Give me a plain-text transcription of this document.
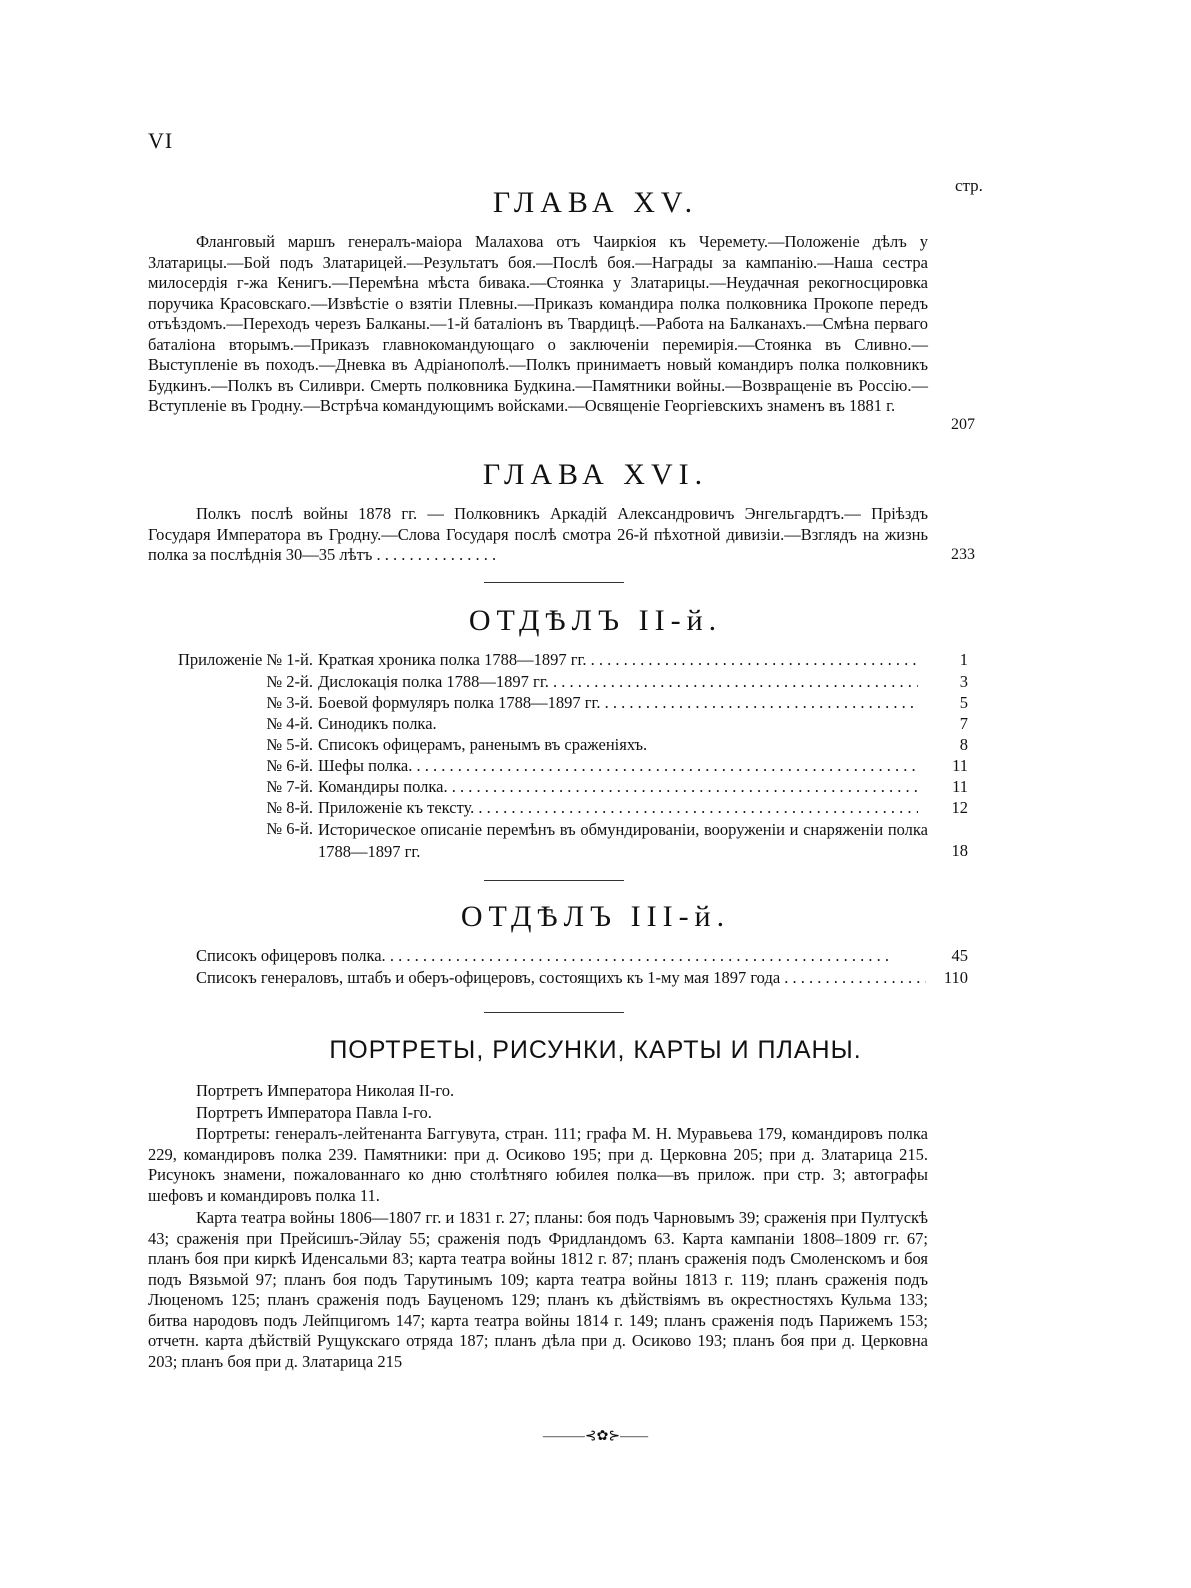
VI
стр.
ГЛАВА XV.
Фланговый маршъ генералъ-маіора Малахова отъ Чаиркіоя къ Черемету.—Положеніе дѣлъ у Златарицы.—Бой подъ Златарицей.—Результатъ боя.—Послѣ боя.—Награды за кампанію.—Наша сестра милосердія г-жа Кенигъ.—Перемѣна мѣста бивака.—Стоянка у Златарицы.—Неудачная рекогносцировка поручика Красовскаго.—Извѣстіе о взятіи Плевны.—Приказъ командира полка полковника Прокопе передъ отъѣздомъ.—Переходъ черезъ Балканы.—1-й баталіонъ въ Твардицѣ.—Работа на Балканахъ.—Смѣна перваго баталіона вторымъ.—Приказъ главнокомандующаго о заключеніи перемирія.—Стоянка въ Сливно.—Выступленіе въ походъ.—Дневка въ Адріанополѣ.—Полкъ принимаетъ новый командиръ полка полковникъ Будкинъ.—Полкъ въ Силиври. Смерть полковника Будкина.—Памятники войны.—Возвращеніе въ Россію.—Вступленіе въ Гродну.—Встрѣча командующимъ войсками.—Освященіе Георгіевскихъ знаменъ въ 1881 г.
207
ГЛАВА XVI.
Полкъ послѣ войны 1878 гг. — Полковникъ Аркадій Александровичъ Энгельгардтъ.— Пріѣздъ Государя Императора въ Гродну.—Слова Государя послѣ смотра 26-й пѣхотной дивизіи.—Взглядъ на жизнь полка за послѣднія 30—35 лѣтъ . . . . . . . . . . . . . . .	233
ОТДѢЛЪ II-й.
Приложеніе № 1-й. Краткая хроника полка 1788—1897 гг. . . .	1
№ 2-й. Дислокація полка 1788—1897 гг. . . .	3
№ 3-й. Боевой формуляръ полка 1788—1897 гг. . . .	5
№ 4-й. Синодикъ полка.	7
№ 5-й. Списокъ офицерамъ, раненымъ въ сраженіяхъ.	8
№ 6-й. Шефы полка. . . .	11
№ 7-й. Командиры полка. . . .	11
№ 8-й. Приложеніе къ тексту. . . .	12
№ 6-й. Историческое описаніе перемѣнъ въ обмундированіи, вооруженіи и снаряженіи полка 1788—1897 гг.	18
ОТДѢЛЪ III-й.
Списокъ офицеровъ полка. . . .	45
Списокъ генераловъ, штабъ и оберъ-офицеровъ, состоящихъ къ 1-му мая 1897 года . . .	110
ПОРТРЕТЫ, РИСУНКИ, КАРТЫ И ПЛАНЫ.
Портретъ Императора Николая II-го.
Портретъ Императора Павла I-го.
Портреты: генералъ-лейтенанта Баггувута, стран. 111; графа М. Н. Муравьева 179, командировъ полка 229, командировъ полка 239. Памятники: при д. Осиково 195; при д. Церковна 205; при д. Златарица 215. Рисунокъ знамени, пожалованнаго ко дню столѣтняго юбилея полка—въ прилож. при стр. 3; автографы шефовъ и командировъ полка 11.
Карта театра войны 1806—1807 гг. и 1831 г. 27; планы: боя подъ Чарновымъ 39; сраженія при Пултускѣ 43; сраженія при Прейсишъ-Эйлау 55; сраженія подъ Фридландомъ 63. Карта кампаніи 1808–1809 гг. 67; планъ боя при киркѣ Иденсальми 83; карта театра войны 1812 г. 87; планъ сраженія подъ Смоленскомъ и боя подъ Вязьмой 97; планъ боя подъ Тарутинымъ 109; карта театра войны 1813 г. 119; планъ сраженія подъ Люценомъ 125; планъ сраженія подъ Бауценомъ 129; планъ къ дѣйствіямъ въ окрестностяхъ Кульма 133; битва народовъ подъ Лейпцигомъ 147; карта театра войны 1814 г. 149; планъ сраженія подъ Парижемъ 153; отчетн. карта дѣйствій Рущукскаго отряда 187; планъ дѣла при д. Осиково 193; планъ боя при д. Церковна 203; планъ боя при д. Златарица 215
———⊰✿⊱——
